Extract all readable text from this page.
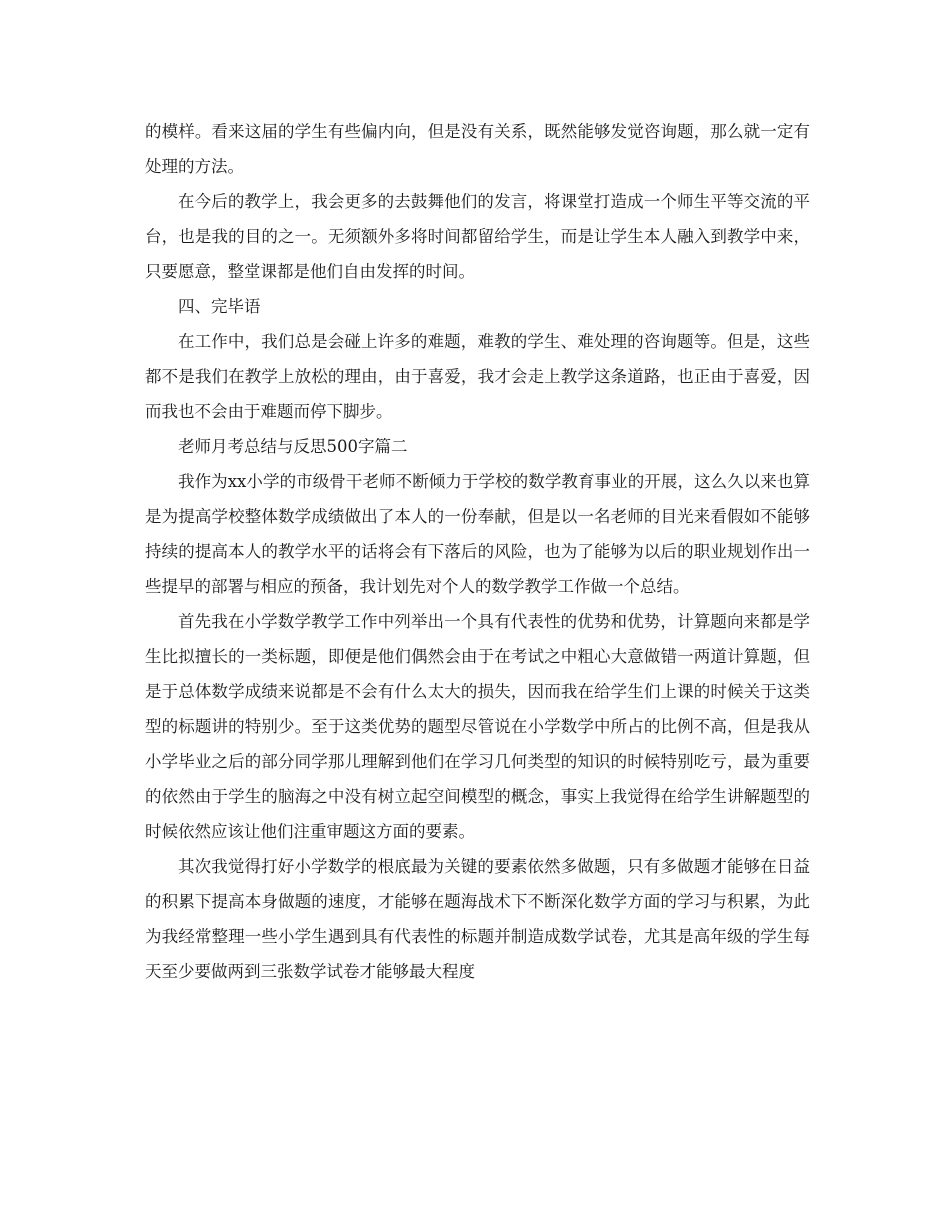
的模样。看来这届的学生有些偏内向，但是没有关系，既然能够发觉咨询题，那么就一定有处理的方法。

在今后的教学上，我会更多的去鼓舞他们的发言，将课堂打造成一个师生平等交流的平台，也是我的目的之一。无须额外多将时间都留给学生，而是让学生本人融入到教学中来，只要愿意，整堂课都是他们自由发挥的时间。

四、完毕语

在工作中，我们总是会碰上许多的难题，难教的学生、难处理的咨询题等。但是，这些都不是我们在教学上放松的理由，由于喜爱，我才会走上教学这条道路，也正由于喜爱，因而我也不会由于难题而停下脚步。

老师月考总结与反思500字篇二

我作为xx小学的市级骨干老师不断倾力于学校的数学教育事业的开展，这么久以来也算是为提高学校整体数学成绩做出了本人的一份奉献，但是以一名老师的目光来看假如不能够持续的提高本人的教学水平的话将会有下落后的风险，也为了能够为以后的职业规划作出一些提早的部署与相应的预备，我计划先对个人的数学教学工作做一个总结。

首先我在小学数学教学工作中列举出一个具有代表性的优势和优势，计算题向来都是学生比拟擅长的一类标题，即便是他们偶然会由于在考试之中粗心大意做错一两道计算题，但是于总体数学成绩来说都是不会有什么太大的损失，因而我在给学生们上课的时候关于这类型的标题讲的特别少。至于这类优势的题型尽管说在小学数学中所占的比例不高，但是我从小学毕业之后的部分同学那儿理解到他们在学习几何类型的知识的时候特别吃亏，最为重要的依然由于学生的脑海之中没有树立起空间模型的概念，事实上我觉得在给学生讲解题型的时候依然应该让他们注重审题这方面的要素。

其次我觉得打好小学数学的根底最为关键的要素依然多做题，只有多做题才能够在日益的积累下提高本身做题的速度，才能够在题海战术下不断深化数学方面的学习与积累，为此为我经常整理一些小学生遇到具有代表性的标题并制造成数学试卷，尤其是高年级的学生每天至少要做两到三张数学试卷才能够最大程度
